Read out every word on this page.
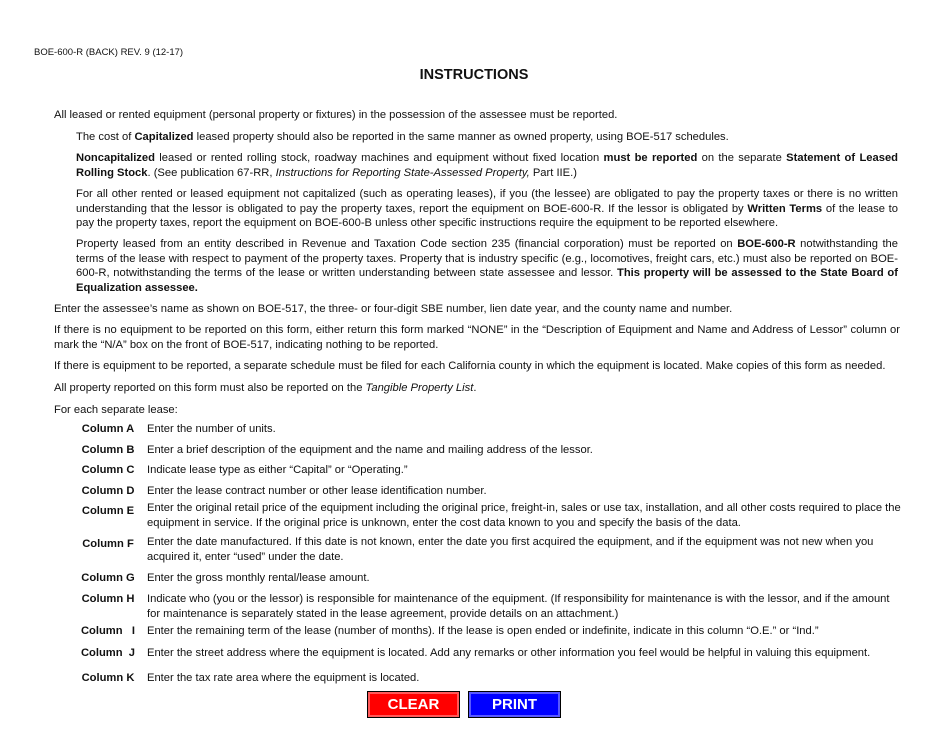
BOE-600-R (BACK) REV. 9 (12-17)
INSTRUCTIONS

All leased or rented equipment (personal property or fixtures) in the possession of the assessee must be reported.

The cost of Capitalized leased property should also be reported in the same manner as owned property, using BOE-517 schedules.

Noncapitalized leased or rented rolling stock, roadway machines and equipment without fixed location must be reported on the separate Statement of Leased Rolling Stock. (See publication 67-RR, Instructions for Reporting State-Assessed Property, Part IIE.)

For all other rented or leased equipment not capitalized (such as operating leases), if you (the lessee) are obligated to pay the property taxes or there is no written understanding that the lessor is obligated to pay the property taxes, report the equipment on BOE-600-R. If the lessor is obligated by Written Terms of the lease to pay the property taxes, report the equipment on BOE-600-B unless other specific instructions require the equipment to be reported elsewhere.

Property leased from an entity described in Revenue and Taxation Code section 235 (financial corporation) must be reported on BOE-600-R notwithstanding the terms of the lease with respect to payment of the property taxes. Property that is industry specific (e.g., locomotives, freight cars, etc.) must also be reported on BOE-600-R, notwithstanding the terms of the lease or written understanding between state assessee and lessor. This property will be assessed to the State Board of Equalization assessee.

Enter the assessee’s name as shown on BOE-517, the three- or four-digit SBE number, lien date year, and the county name and number.

If there is no equipment to be reported on this form, either return this form marked “NONE” in the “Description of Equipment and Name and Address of Lessor” column or mark the “N/A” box on the front of BOE-517, indicating nothing to be reported.

If there is equipment to be reported, a separate schedule must be filed for each California county in which the equipment is located. Make copies of this form as needed.

All property reported on this form must also be reported on the Tangible Property List.

For each separate lease:

Column A Enter the number of units.
Column B Enter a brief description of the equipment and the name and mailing address of the lessor.
Column C Indicate lease type as either “Capital” or “Operating.”
Column D Enter the lease contract number or other lease identification number.
Column E Enter the original retail price of the equipment including the original price, freight-in, sales or use tax, installation, and all other costs required to place the equipment in service. If the original price is unknown, enter the cost data known to you and specify the basis of the data.
Column F Enter the date manufactured. If this date is not known, enter the date you first acquired the equipment, and if the equipment was not new when you acquired it, enter “used” under the date.
Column G Enter the gross monthly rental/lease amount.
Column H Indicate who (you or the lessor) is responsible for maintenance of the equipment. (If responsibility for maintenance is with the lessor, and if the amount for maintenance is separately stated in the lease agreement, provide details on an attachment.)
Column   I Enter the remaining term of the lease (number of months). If the lease is open ended or indefinite, indicate in this column “O.E.” or “Ind.”
Column  J Enter the street address where the equipment is located. Add any remarks or other information you feel would be helpful in valuing this equipment.
Column K Enter the tax rate area where the equipment is located.
CLEAR	PRINT
